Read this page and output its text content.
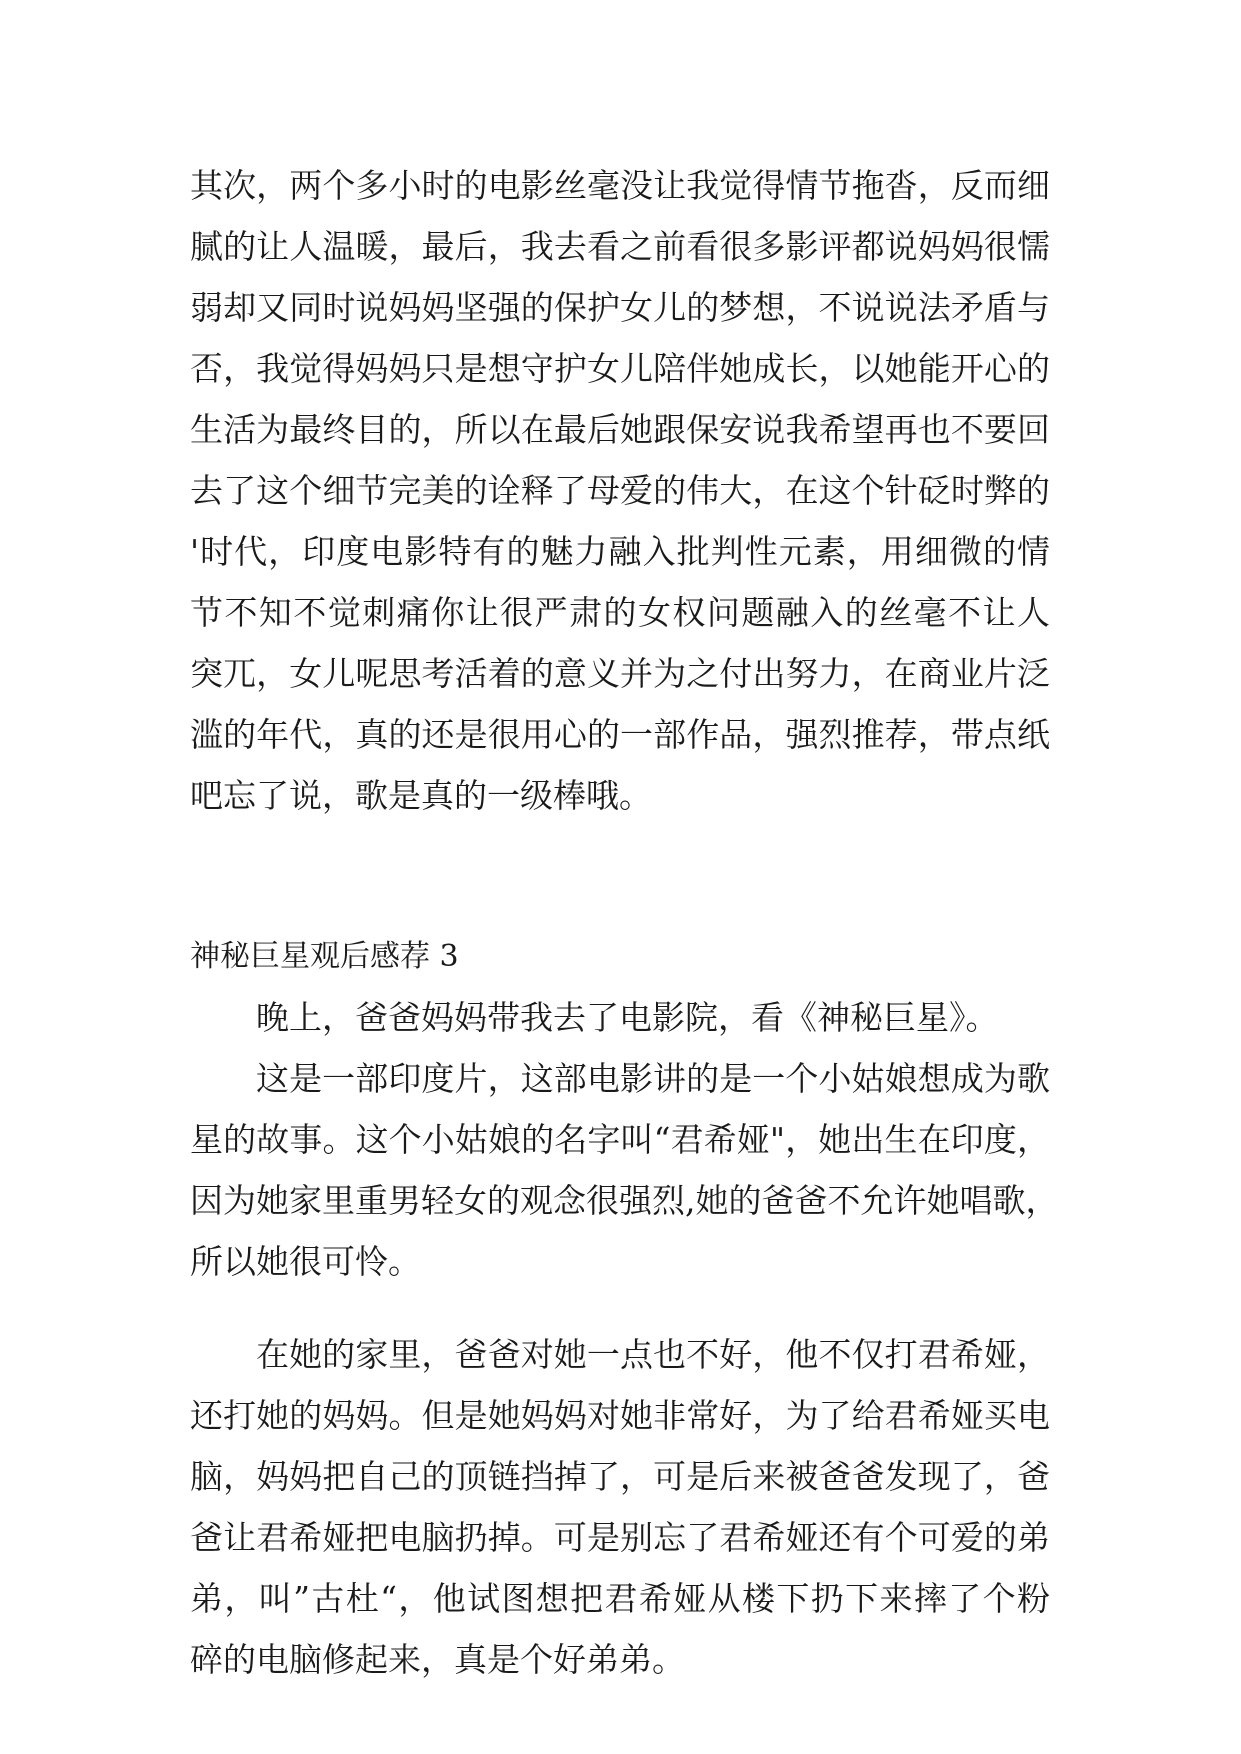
其次，两个多小时的电影丝毫没让我觉得情节拖沓，反而细
腻的让人温暖，最后，我去看之前看很多影评都说妈妈很懦
弱却又同时说妈妈坚强的保护女儿的梦想，不说说法矛盾与
否，我觉得妈妈只是想守护女儿陪伴她成长，以她能开心的
生活为最终目的，所以在最后她跟保安说我希望再也不要回
去了这个细节完美的诠释了母爱的伟大，在这个针砭时弊的
'时代，印度电影特有的魅力融入批判性元素，用细微的情
节不知不觉刺痛你让很严肃的女权问题融入的丝毫不让人
突兀，女儿呢思考活着的意义并为之付出努力，在商业片泛
滥的年代，真的还是很用心的一部作品，强烈推荐，带点纸
吧忘了说，歌是真的一级棒哦。
神秘巨星观后感荐 3
晚上，爸爸妈妈带我去了电影院，看《神秘巨星》。
这是一部印度片，这部电影讲的是一个小姑娘想成为歌
星的故事。这个小姑娘的名字叫“君希娅"，她出生在印度，
因为她家里重男轻女的观念很强烈,她的爸爸不允许她唱歌，
所以她很可怜。
在她的家里，爸爸对她一点也不好，他不仅打君希娅，
还打她的妈妈。但是她妈妈对她非常好，为了给君希娅买电
脑，妈妈把自己的顶链挡掉了，可是后来被爸爸发现了，爸
爸让君希娅把电脑扔掉。可是别忘了君希娅还有个可爱的弟
弟，叫”古杜“，他试图想把君希娅从楼下扔下来摔了个粉
碎的电脑修起来，真是个好弟弟。
